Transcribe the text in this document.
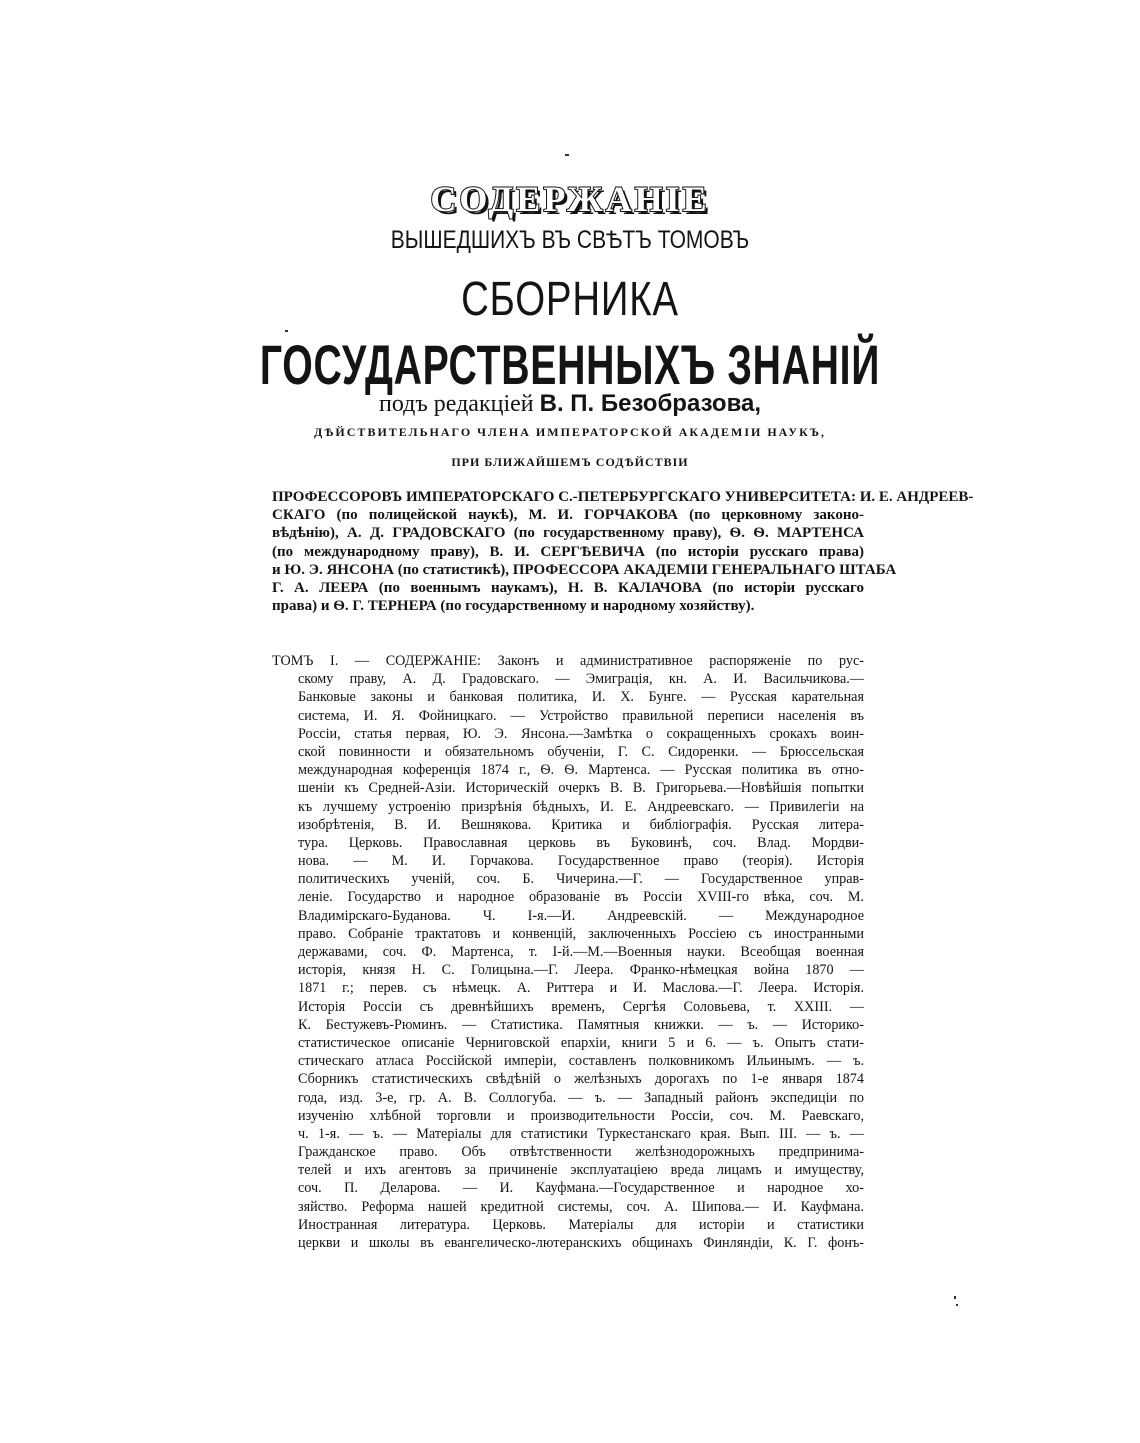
СОДЕРЖАНІЕ
ВЫШЕДШИХЪ ВЪ СВѢТЪ ТОМОВЪ
СБОРНИКА
ГОСУДАРСТВЕННЫХЪ ЗНАНІЙ
подъ редакціей В. П. Безобразова,
ДѢЙСТВИТЕЛЬНАГО ЧЛЕНА ИМПЕРАТОРСКОЙ АКАДЕМІИ НАУКЪ,
ПРИ БЛИЖАЙШЕМЪ СОДѢЙСТВІИ
ПРОФЕССОРОВЪ ИМПЕРАТОРСКАГО С.-ПЕТЕРБУРГСКАГО УНИВЕРСИТЕТА: И. Е. АНДРЕЕВ-
СКАГО (по полицейской наукѣ), М. И. ГОРЧАКОВА (по церковному законо-
вѣдѣнію), А. Д. ГРАДОВСКАГО (по государственному праву), Ѳ. Ѳ. МАРТЕНСА
(по международному праву), В. И. СЕРГѢЕВИЧА (по исторіи русскаго права)
и Ю. Э. ЯНСОНА (по статистикѣ), ПРОФЕССОРА АКАДЕМІИ ГЕНЕРАЛЬНАГО ШТАБА
Г. А. ЛЕЕРА (по военнымъ наукамъ), Н. В. КАЛАЧОВА (по исторіи русскаго
права) и Ѳ. Г. ТЕРНЕРА (по государственному и народному хозяйству).
ТОМЪ I. — СОДЕРЖАНІЕ: Законъ и административное распоряженіе по рус-
скому праву, А. Д. Градовскаго. — Эмиграція, кн. А. И. Васильчикова.—
Банковые законы и банковая политика, И. Х. Бунге. — Русская карательная
система, И. Я. Фойницкаго. — Устройство правильной переписи населенія въ
Россіи, статья первая, Ю. Э. Янсона.—Замѣтка о сокращенныхъ срокахъ воин-
ской повинности и обязательномъ обученіи, Г. С. Сидоренки. — Брюссельская
международная коференція 1874 г., Ѳ. Ѳ. Мартенса. — Русская политика въ отно-
шеніи къ Средней-Азіи. Историческій очеркъ В. В. Григорьева.—Новѣйшія попытки
къ лучшему устроенію призрѣнія бѣдныхъ, И. Е. Андреевскаго. — Привилегіи на
изобрѣтенія, В. И. Вешнякова. Критика и библіографія. Русская литера-
тура. Церковь. Православная церковь въ Буковинѣ, соч. Влад. Мордви-
нова. — М. И. Горчакова. Государственное право (теорія). Исторія
политическихъ ученій, соч. Б. Чичерина.—Г. — Государственное управ-
леніе. Государство и народное образованіе въ Россіи XVIII-го вѣка, соч. М.
Владимірскаго-Буданова. Ч. I-я.—И. Андреевскій. — Международное
право. Собраніе трактатовъ и конвенцій, заключенныхъ Россіею съ иностранными
державами, соч. Ф. Мартенса, т. I-й.—М.—Военныя науки. Всеобщая военная
исторія, князя Н. С. Голицына.—Г. Леера. Франко-нѣмецкая война 1870 —
1871 г.; перев. съ нѣмецк. А. Риттера и И. Маслова.—Г. Леера. Исторія.
Исторія Россіи съ древнѣйшихъ временъ, Сергѣя Соловьева, т. XXIII. —
К. Бестужевъ-Рюминъ. — Статистика. Памятныя книжки. — ъ. — Историко-
статистическое описаніе Черниговской епархіи, книги 5 и 6. — ъ. Опытъ стати-
стическаго атласа Россійской имперіи, составленъ полковникомъ Ильинымъ. — ъ.
Сборникъ статистическихъ свѣдѣній о желѣзныхъ дорогахъ по 1-е января 1874
года, изд. 3-е, гр. А. В. Соллогуба. — ъ. — Западный районъ экспедиціи по
изученію хлѣбной торговли и производительности Россіи, соч. М. Раевскаго,
ч. 1-я. — ъ. — Матеріалы для статистики Туркестанскаго края. Вып. III. — ъ. —
Гражданское право. Объ отвѣтственности желѣзнодорожныхъ предпринима-
телей и ихъ агентовъ за причиненіе эксплуатаціею вреда лицамъ и имуществу,
соч. П. Деларова. — И. Кауфмана.—Государственное и народное хо-
зяйство. Реформа нашей кредитной системы, соч. А. Шипова.— И. Кауфмана.
Иностранная литература. Церковь. Матеріалы для исторіи и статистики
церкви и школы въ евангелическо-лютеранскихъ общинахъ Финляндіи, К. Г. фонъ-
